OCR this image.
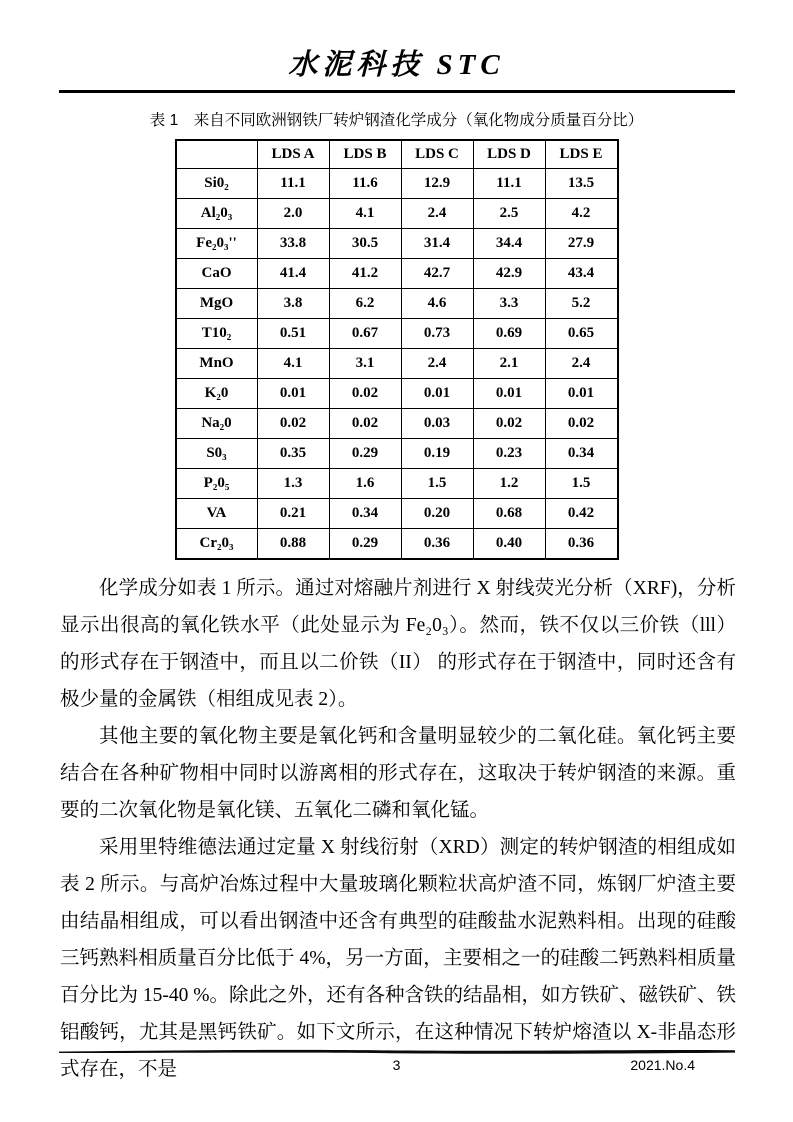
水泥科技 STC
表 1　来自不同欧洲钢铁厂转炉钢渣化学成分（氧化物成分质量百分比）
	LDS A	LDS B	LDS C	LDS D	LDS E
Si0₂	11.1	11.6	12.9	11.1	13.5
Al₂0₃	2.0	4.1	2.4	2.5	4.2
Fe₂0₃''	33.8	30.5	31.4	34.4	27.9
CaO	41.4	41.2	42.7	42.9	43.4
MgO	3.8	6.2	4.6	3.3	5.2
T10₂	0.51	0.67	0.73	0.69	0.65
MnO	4.1	3.1	2.4	2.1	2.4
K₂0	0.01	0.02	0.01	0.01	0.01
Na₂0	0.02	0.02	0.03	0.02	0.02
S0₃	0.35	0.29	0.19	0.23	0.34
P₂0₅	1.3	1.6	1.5	1.2	1.5
VA	0.21	0.34	0.20	0.68	0.42
Cr₂0₃	0.88	0.29	0.36	0.40	0.36

化学成分如表 1 所示。通过对熔融片剂进行 X 射线荧光分析（XRF)，分析显示出很高的氧化铁水平（此处显示为 Fe₂0₃）。然而，铁不仅以三价铁（lll）的形式存在于钢渣中，而且以二价铁（II） 的形式存在于钢渣中，同时还含有极少量的金属铁（相组成见表 2）。

其他主要的氧化物主要是氧化钙和含量明显较少的二氧化硅。氧化钙主要结合在各种矿物相中同时以游离相的形式存在，这取决于转炉钢渣的来源。重要的二次氧化物是氧化镁、五氧化二磷和氧化锰。

采用里特维德法通过定量 X 射线衍射（XRD）测定的转炉钢渣的相组成如表 2 所示。与高炉冶炼过程中大量玻璃化颗粒状高炉渣不同，炼钢厂炉渣主要由结晶相组成，可以看出钢渣中还含有典型的硅酸盐水泥熟料相。出现的硅酸三钙熟料相质量百分比低于 4%，另一方面，主要相之一的硅酸二钙熟料相质量百分比为 15-40 %。除此之外，还有各种含铁的结晶相，如方铁矿、磁铁矿、铁铝酸钙，尤其是黑钙铁矿。如下文所示，在这种情况下转炉熔渣以 X-非晶态形式存在，不是	3	2021.No.4
